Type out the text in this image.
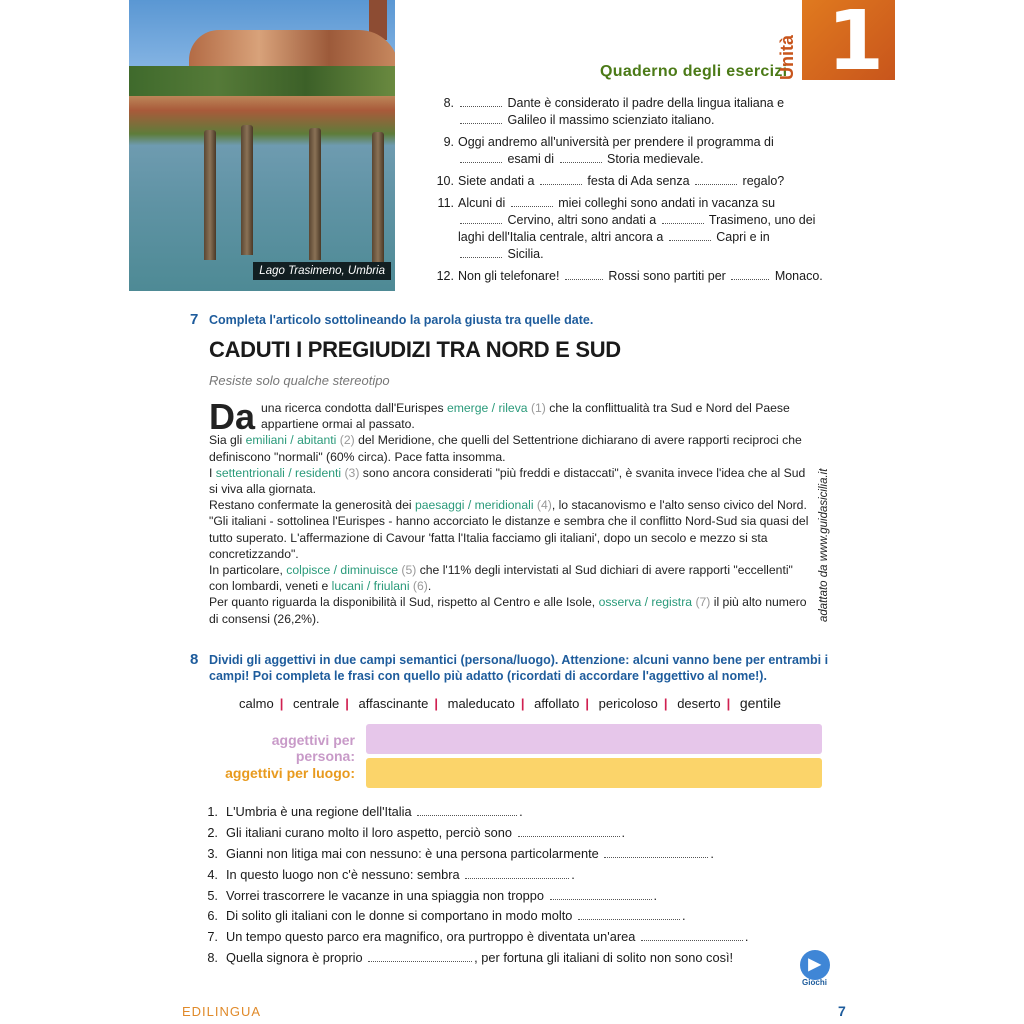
Lago Trasimeno, Umbria
Quaderno degli esercizi
Unità 1
8.	Dante è considerato il padre della lingua italiana e
Galileo il massimo scienziato italiano.
9. Oggi andremo all'università per prendere il programma di
esami di	Storia medievale.
10. Siete andati a	festa di Ada senza	regalo?
11. Alcuni di	miei colleghi sono andati in vacanza su
Cervino, altri sono andati a	Trasimeno, uno dei laghi dell'Italia centrale, altri ancora a	Capri e in
Sicilia.
12. Non gli telefonare!	Rossi sono partiti per	Monaco.
7 Completa l'articolo sottolineando la parola giusta tra quelle date.
CADUTI I PREGIUDIZI TRA NORD E SUD
Resiste solo qualche stereotipo
Da una ricerca condotta dall'Eurispes emerge / rileva (1) che la conflittualità tra Sud e Nord del Paese appartiene ormai al passato.
Sia gli emiliani / abitanti (2) del Meridione, che quelli del Settentrione dichiarano di avere rapporti reciproci che definiscono "normali" (60% circa). Pace fatta insomma.
I settentrionali / residenti (3) sono ancora considerati "più freddi e distaccati", è svanita invece l'idea che al Sud si viva alla giornata.
Restano confermate la generosità dei paesaggi / meridionali (4), lo stacanovismo e l'alto senso civico del Nord.
"Gli italiani - sottolinea l'Eurispes - hanno accorciato le distanze e sembra che il conflitto Nord-Sud sia quasi del tutto superato. L'affermazione di Cavour 'fatta l'Italia facciamo gli italiani', dopo un secolo e mezzo si sta concretizzando".
In particolare, colpisce / diminuisce (5) che l'11% degli intervistati al Sud dichiari di avere rapporti "eccellenti" con lombardi, veneti e lucani / friulani (6).
Per quanto riguarda la disponibilità il Sud, rispetto al Centro e alle Isole, osserva / registra (7) il più alto numero di consensi (26,2%).	adattato da www.guidasicilia.it
8 Dividi gli aggettivi in due campi semantici (persona/luogo). Attenzione: alcuni vanno bene per entrambi i campi! Poi completa le frasi con quello più adatto (ricordati di accordare l'aggettivo al nome!).
calmo | centrale | affascinante | maleducato | affollato | pericoloso | deserto | gentile
aggettivi per persona:
aggettivi per luogo:
1. L'Umbria è una regione dell'Italia	.
2. Gli italiani curano molto il loro aspetto, perciò sono	.
3. Gianni non litiga mai con nessuno: è una persona particolarmente	.
4. In questo luogo non c'è nessuno: sembra	.
5. Vorrei trascorrere le vacanze in una spiaggia non troppo	.
6. Di solito gli italiani con le donne si comportano in modo molto	.
7. Un tempo questo parco era magnifico, ora purtroppo è diventata un'area	.
8. Quella signora è proprio	, per fortuna gli italiani di solito non sono così!	▶
Giochi
EDILINGUA	7
